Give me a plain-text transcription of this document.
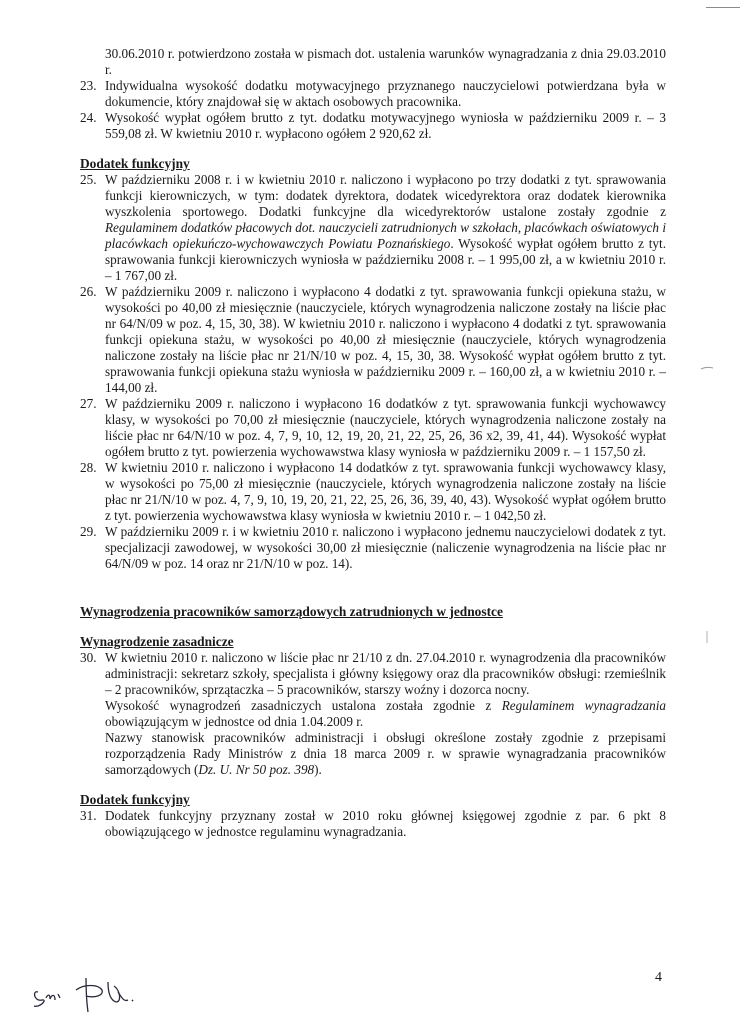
30.06.2010 r. potwierdzono została w pismach dot. ustalenia warunków wynagradzania z dnia 29.03.2010 r.

23. Indywidualna wysokość dodatku motywacyjnego przyznanego nauczycielowi potwierdzana była w dokumencie, który znajdował się w aktach osobowych pracownika.

24. Wysokość wypłat ogółem brutto z tyt. dodatku motywacyjnego wyniosła w październiku 2009 r. – 3 559,08 zł. W kwietniu 2010 r. wypłacono ogółem 2 920,62 zł.

Dodatek funkcyjny

25. W październiku 2008 r. i w kwietniu 2010 r. naliczono i wypłacono po trzy dodatki z tyt. sprawowania funkcji kierowniczych, w tym: dodatek dyrektora, dodatek wicedyrektora oraz dodatek kierownika wyszkolenia sportowego. Dodatki funkcyjne dla wicedyrektorów ustalone zostały zgodnie z Regulaminem dodatków płacowych dot. nauczycieli zatrudnionych w szkołach, placówkach oświatowych i placówkach opiekuńczo-wychowawczych Powiatu Poznańskiego. Wysokość wypłat ogółem brutto z tyt. sprawowania funkcji kierowniczych wyniosła w październiku 2008 r. – 1 995,00 zł, a w kwietniu 2010 r. – 1 767,00 zł.

26. W październiku 2009 r. naliczono i wypłacono 4 dodatki z tyt. sprawowania funkcji opiekuna stażu, w wysokości po 40,00 zł miesięcznie (nauczyciele, których wynagrodzenia naliczone zostały na liście płac nr 64/N/09 w poz. 4, 15, 30, 38). W kwietniu 2010 r. naliczono i wypłacono 4 dodatki z tyt. sprawowania funkcji opiekuna stażu, w wysokości po 40,00 zł miesięcznie (nauczyciele, których wynagrodzenia naliczone zostały na liście płac nr 21/N/10 w poz. 4, 15, 30, 38. Wysokość wypłat ogółem brutto z tyt. sprawowania funkcji opiekuna stażu wyniosła w październiku 2009 r. – 160,00 zł, a w kwietniu 2010 r. – 144,00 zł.

27. W październiku 2009 r. naliczono i wypłacono 16 dodatków z tyt. sprawowania funkcji wychowawcy klasy, w wysokości po 70,00 zł miesięcznie (nauczyciele, których wynagrodzenia naliczone zostały na liście płac nr 64/N/10 w poz. 4, 7, 9, 10, 12, 19, 20, 21, 22, 25, 26, 36 x2, 39, 41, 44). Wysokość wypłat ogółem brutto z tyt. powierzenia wychowawstwa klasy wyniosła w październiku 2009 r. – 1 157,50 zł.

28. W kwietniu 2010 r. naliczono i wypłacono 14 dodatków z tyt. sprawowania funkcji wychowawcy klasy, w wysokości po 75,00 zł miesięcznie (nauczyciele, których wynagrodzenia naliczone zostały na liście płac nr 21/N/10 w poz. 4, 7, 9, 10, 19, 20, 21, 22, 25, 26, 36, 39, 40, 43). Wysokość wypłat ogółem brutto z tyt. powierzenia wychowawstwa klasy wyniosła w kwietniu 2010 r. – 1 042,50 zł.

29. W październiku 2009 r. i w kwietniu 2010 r. naliczono i wypłacono jednemu nauczycielowi dodatek z tyt. specjalizacji zawodowej, w wysokości 30,00 zł miesięcznie (naliczenie wynagrodzenia na liście płac nr 64/N/09 w poz. 14 oraz nr 21/N/10 w poz. 14).

Wynagrodzenia pracowników samorządowych zatrudnionych w jednostce

Wynagrodzenie zasadnicze

30. W kwietniu 2010 r. naliczono w liście płac nr 21/10 z dn. 27.04.2010 r. wynagrodzenia dla pracowników administracji: sekretarz szkoły, specjalista i główny księgowy oraz dla pracowników obsługi: rzemieślnik – 2 pracowników, sprzątaczka – 5 pracowników, starszy woźny i dozorca nocny.

Wysokość wynagrodzeń zasadniczych ustalona została zgodnie z Regulaminem wynagradzania obowiązującym w jednostce od dnia 1.04.2009 r.

Nazwy stanowisk pracowników administracji i obsługi określone zostały zgodnie z przepisami rozporządzenia Rady Ministrów z dnia 18 marca 2009 r. w sprawie wynagradzania pracowników samorządowych (Dz. U. Nr 50 poz. 398).

Dodatek funkcyjny

31. Dodatek funkcyjny przyznany został w 2010 roku głównej księgowej zgodnie z par. 6 pkt 8 obowiązującego w jednostce regulaminu wynagradzania.

4
